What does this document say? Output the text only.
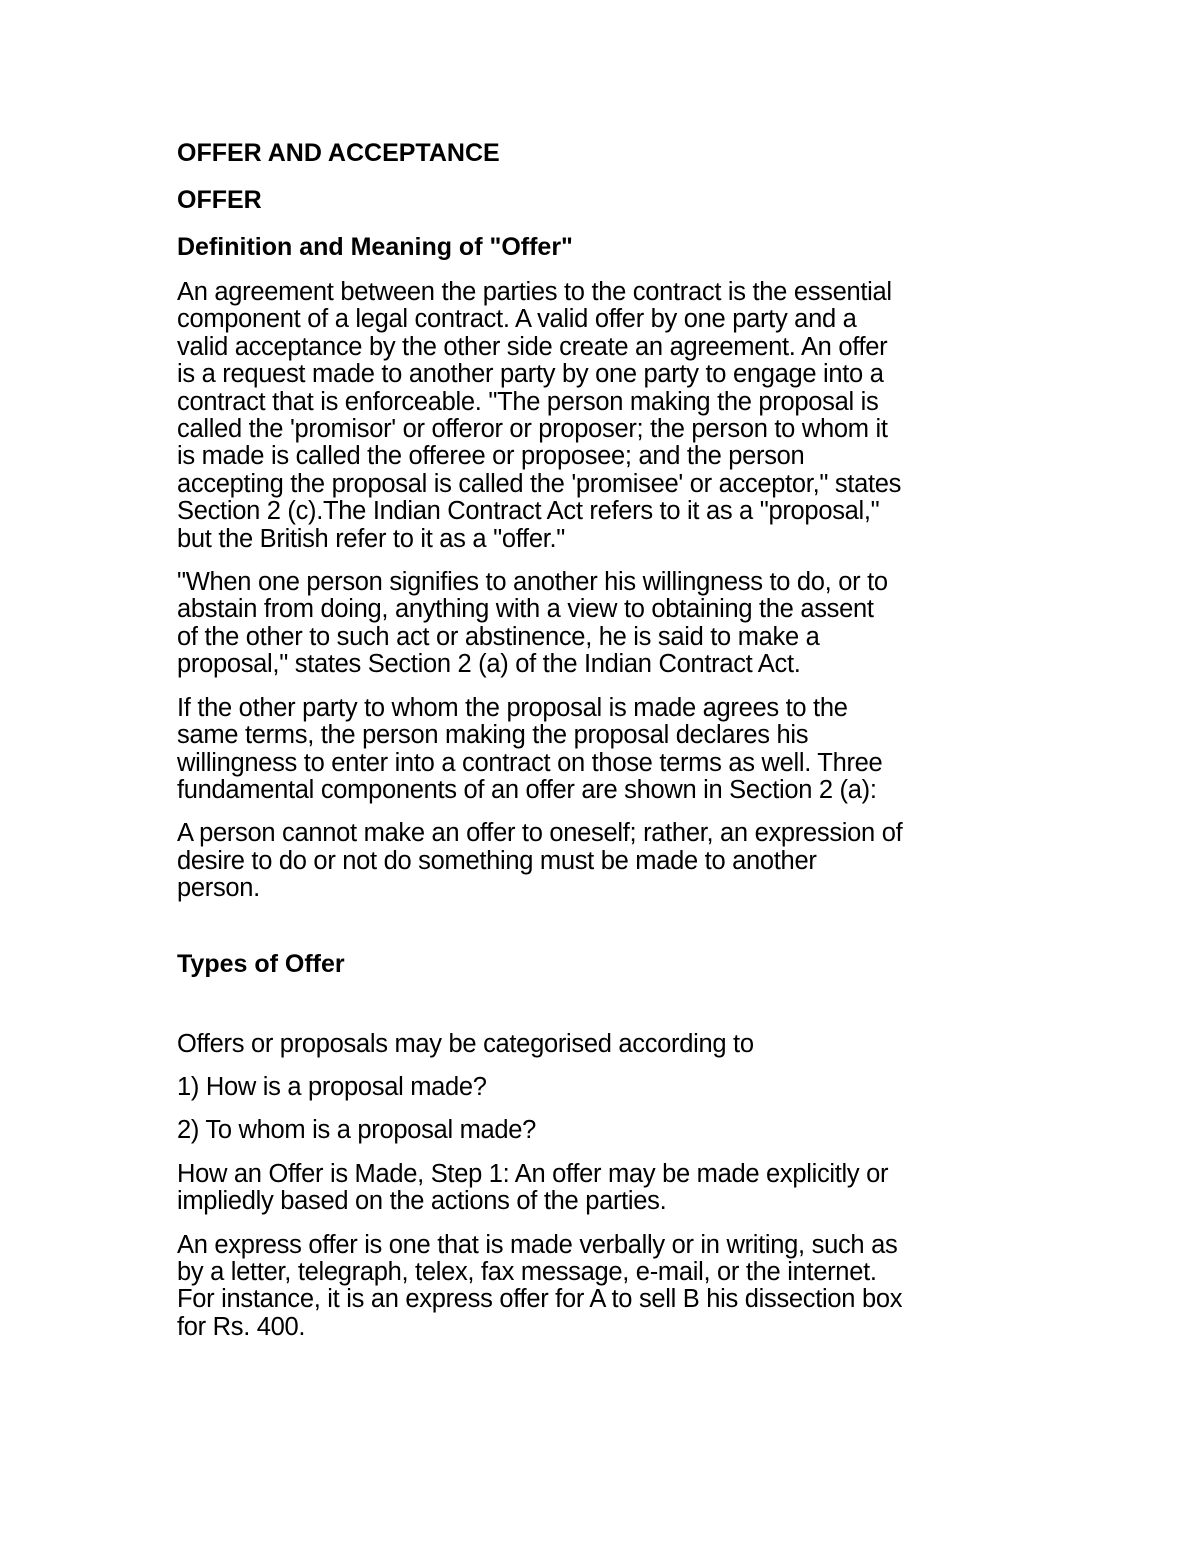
OFFER AND ACCEPTANCE
OFFER
Definition and Meaning of "Offer"
An agreement between the parties to the contract is the essential
component of a legal contract. A valid offer by one party and a
valid acceptance by the other side create an agreement. An offer
is a request made to another party by one party to engage into a
contract that is enforceable. "The person making the proposal is
called the 'promisor' or offeror or proposer; the person to whom it
is made is called the offeree or proposee; and the person
accepting the proposal is called the 'promisee' or acceptor," states
Section 2 (c).The Indian Contract Act refers to it as a "proposal,"
but the British refer to it as a "offer."
"When one person signifies to another his willingness to do, or to
abstain from doing, anything with a view to obtaining the assent
of the other to such act or abstinence, he is said to make a
proposal," states Section 2 (a) of the Indian Contract Act.
If the other party to whom the proposal is made agrees to the
same terms, the person making the proposal declares his
willingness to enter into a contract on those terms as well. Three
fundamental components of an offer are shown in Section 2 (a):
A person cannot make an offer to oneself; rather, an expression of
desire to do or not do something must be made to another
person.
Types of Offer
Offers or proposals may be categorised according to
1) How is a proposal made?
2) To whom is a proposal made?
How an Offer is Made, Step 1: An offer may be made explicitly or
impliedly based on the actions of the parties.
An express offer is one that is made verbally or in writing, such as
by a letter, telegraph, telex, fax message, e-mail, or the internet.
For instance, it is an express offer for A to sell B his dissection box
for Rs. 400.
